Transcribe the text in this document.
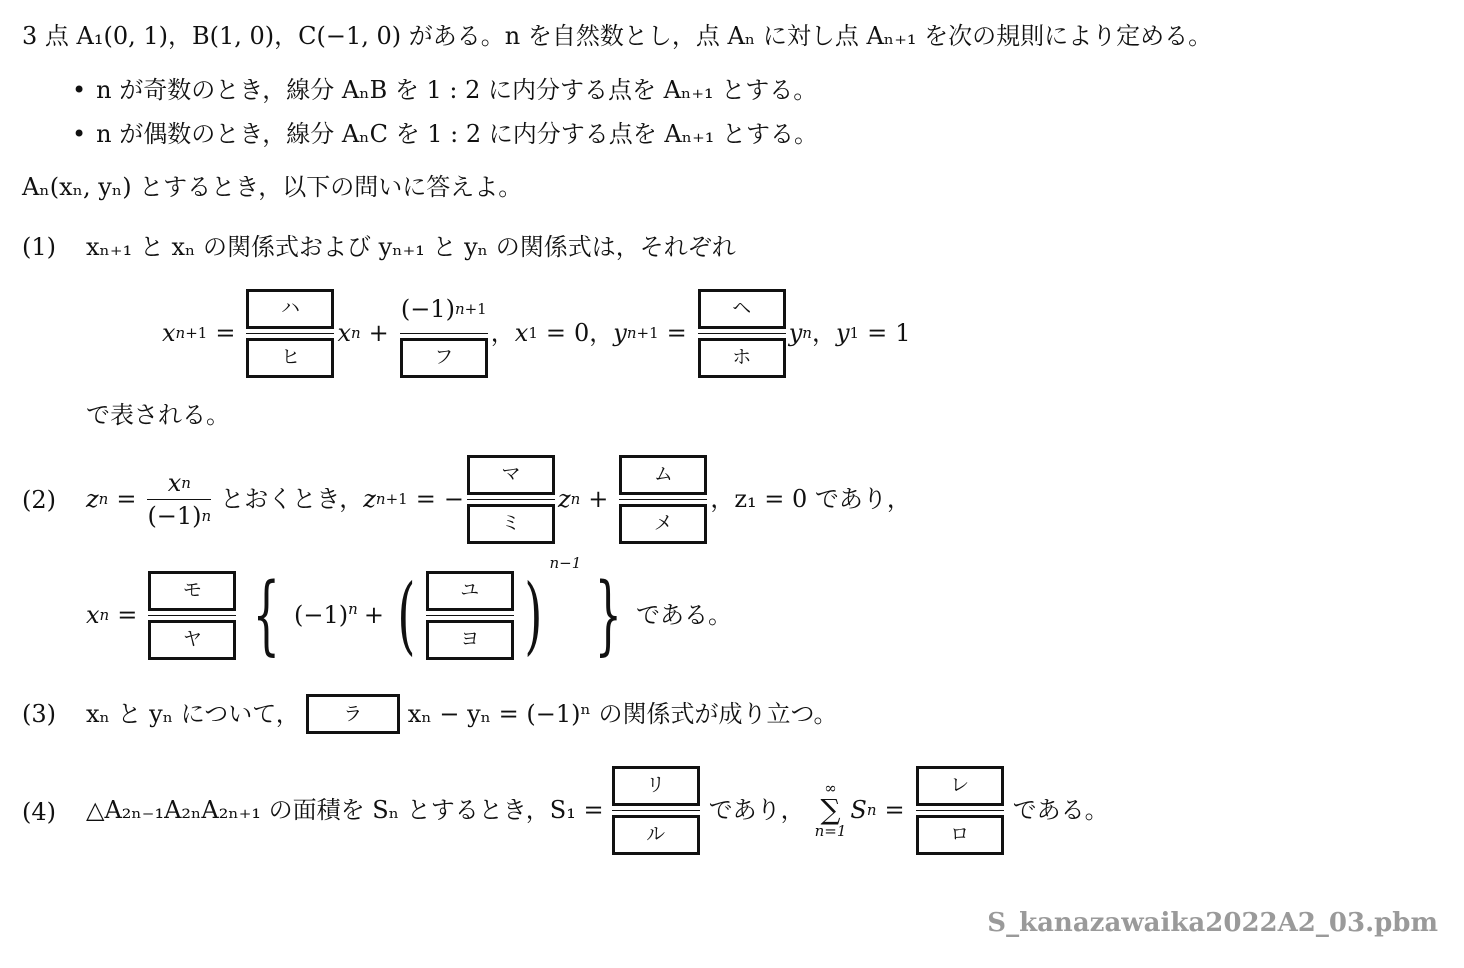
3 点 A₁(0, 1)，B(1, 0)，C(−1, 0) がある。n を自然数とし，点 Aₙ に対し点 Aₙ₊₁ を次の規則により定める。
• n が奇数のとき，線分 AₙB を 1 : 2 に内分する点を Aₙ₊₁ とする。
• n が偶数のとき，線分 AₙC を 1 : 2 に内分する点を Aₙ₊₁ とする。
Aₙ(xₙ, yₙ) とするとき，以下の問いに答えよ。
(1) xₙ₊₁ と xₙ の関係式および yₙ₊₁ と yₙ の関係式は，それぞれ
x $n +1 = \frac{\text{ハ}}{\text{ヒ}}$ x $n + \frac{(-1) n +1}{\text{フ}}$ ， x 1 = 0， y $n +1 = \frac{\text{ヘ}}{\text{ホ}}$ y n ， y 1 = 1
で表される。
(2) z $n = \frac{\text{x n}}{(-1) n}$ とおくとき， z n +1 = − $\frac{\text{マ}}{\text{ミ}}$ z $n + \frac{\text{ム}}{\text{メ}}$ ，z₁ = 0 であり，
x $n = \frac{\text{モ}}{\text{ヤ}}$ { $(-1)^n$ + ( $\frac{\text{ユ}}{\text{ヨ}}$ )
n−1
} である。
(3) xₙ と yₙ について，	ラ	xₙ − yₙ = (−1)ⁿ の関係式が成り立つ。
(4) △A₂ₙ₋₁A₂ₙA₂ₙ₊₁ の面積を Sₙ とするとき，$S_1 = \frac{\text{リ}}{\text{ル}}$ であり，
∞
∑
n=1
S $n = \frac{\text{レ}}{\text{ロ}}$ である。
S_kanazawaika2022A2_03.pbm
